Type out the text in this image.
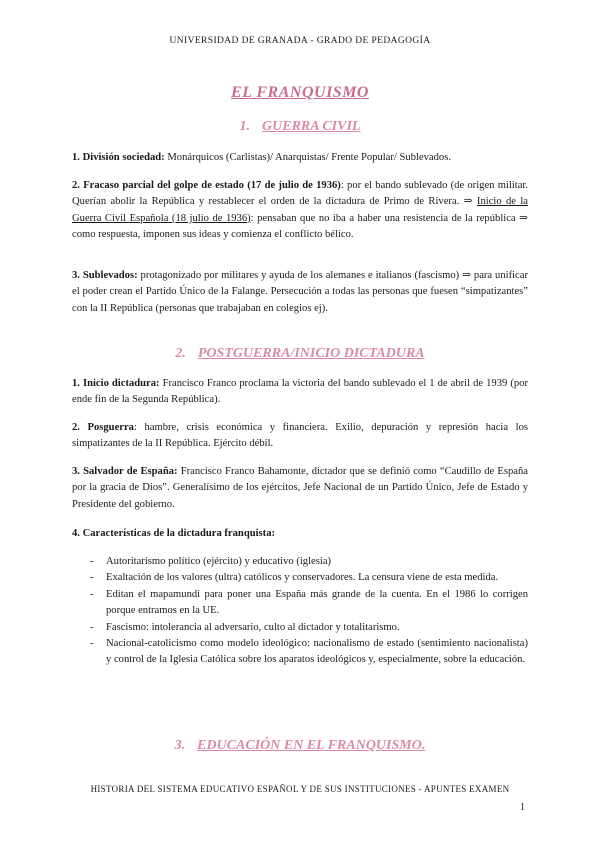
UNIVERSIDAD DE GRANADA - GRADO DE PEDAGOGÍA
EL FRANQUISMO
1. GUERRA CIVIL
1. División sociedad: Monárquicos (Carlistas)/ Anarquistas/ Frente Popular/ Sublevados.
2. Fracaso parcial del golpe de estado (17 de julio de 1936): por el bando sublevado (de origen militar. Querían abolir la República y restablecer el orden de la dictadura de Primo de Rivera. ⇒ Inicio de la Guerra Civil Española (18 julio de 1936): pensaban que no iba a haber una resistencia de la república ⇒ como respuesta, imponen sus ideas y comienza el conflicto bélico.
3. Sublevados: protagonizado por militares y ayuda de los alemanes e italianos (fascismo) ⇒ para unificar el poder crean el Partido Único de la Falange. Persecución a todas las personas que fuesen “simpatizantes” con la II República (personas que trabajaban en colegios ej).
2. POSTGUERRA/INICIO DICTADURA
1. Inicio dictadura: Francisco Franco proclama la victoria del bando sublevado el 1 de abril de 1939 (por ende fin de la Segunda República).
2. Posguerra: hambre, crisis económica y financiera. Exilio, depuración y represión hacia los simpatizantes de la II República. Ejército débil.
3. Salvador de España: Francisco Franco Bahamonte, dictador que se definió como “Caudillo de España por la gracia de Dios”. Generalísimo de los ejércitos, Jefe Nacional de un Partido Único, Jefe de Estado y Presidente del gobierno.
4. Características de la dictadura franquista:
- Autoritarismo político (ejército) y educativo (iglesia)
- Exaltación de los valores (ultra) católicos y conservadores. La censura viene de esta medida.
- Editan el mapamundi para poner una España más grande de la cuenta. En el 1986 lo corrigen porque entramos en la UE.
- Fascismo: intolerancia al adversario, culto al dictador y totalitarismo.
- Nacional-catolicismo como modelo ideológico: nacionalismo de estado (sentimiento nacionalista) y control de la Iglesia Católica sobre los aparatos ideológicos y, especialmente, sobre la educación.
3. EDUCACIÓN EN EL FRANQUISMO.
HISTORIA DEL SISTEMA EDUCATIVO ESPAÑOL Y DE SUS INSTITUCIONES - APUNTES EXAMEN
1
